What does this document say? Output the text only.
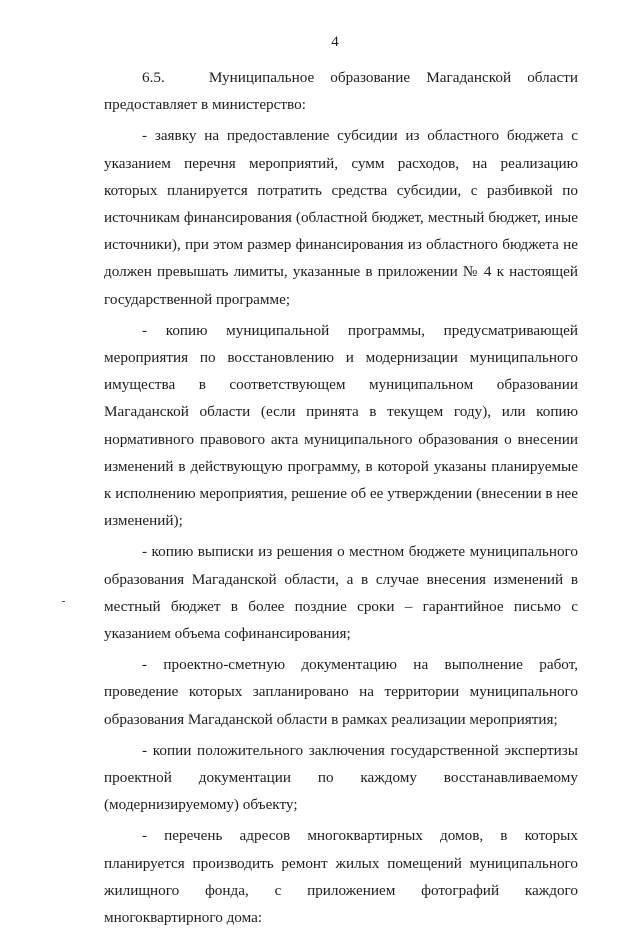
4
6.5.	Муниципальное образование Магаданской области

предоставляет в министерство:

- заявку на предоставление субсидии из областного бюджета с указанием перечня мероприятий, сумм расходов, на реализацию которых планируется потратить средства субсидии, с разбивкой по источникам финансирования (областной бюджет, местный бюджет, иные источники), при этом размер финансирования из областного бюджета не должен превышать лимиты, указанные в приложении № 4 к настоящей государственной программе;

- копию муниципальной программы, предусматривающей мероприятия по восстановлению и модернизации муниципального имущества в соответствующем муниципальном образовании Магаданской области (если принята в текущем году), или копию нормативного правового акта муниципального образования о внесении изменений в действующую программу, в которой указаны планируемые к исполнению мероприятия, решение об ее утверждении (внесении в нее изменений);

- копию выписки из решения о местном бюджете муниципального образования Магаданской области, а в случае внесения изменений в местный бюджет в более поздние сроки – гарантийное письмо с указанием объема софинансирования;

- проектно-сметную документацию на выполнение работ, проведение которых запланировано на территории муниципального образования Магаданской области в рамках реализации мероприятия;

- копии положительного заключения государственной экспертизы проектной документации по каждому восстанавливаемому (модернизируемому) объекту;

- перечень адресов многоквартирных домов, в которых планируется производить ремонт жилых помещений муниципального жилищного фонда, с приложением фотографий каждого многоквартирного дома:
